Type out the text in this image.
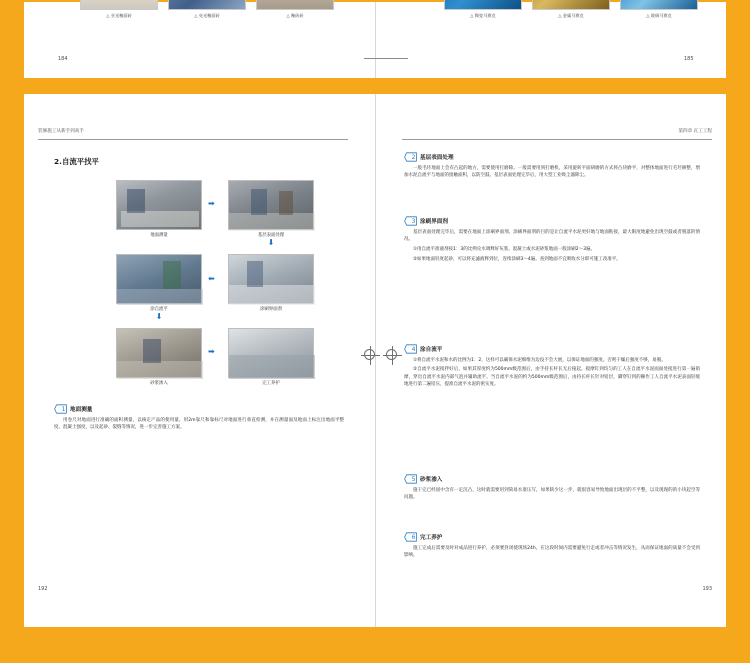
△ 亚光釉面砖	△ 亮光釉面砖	△ 釉砖砖
184
△ 陶瓷马赛克	△ 金属马赛克	△ 玻璃马赛克
185
装修施工从新手到高手
2.自流平找平
地面测量
➡
基层表面处理
➡
涂自流平
➡
涂刷界面剂
➡
砂浆渗入
➡
完工养护
1 地面测量
用卷尺对地面进行准确的面积测量，以核定产品的使用量。用2m靠尺和靠标尺对地面进行垂直检测，并在测量面及地面上标注出地面平整度、混凝土强度，以及起砂、裂缝等情况，进一步完善施工方案。
192
第四章 瓦工工程
2 基层表面处理
一般毛坯地面上会有凸起的地方，需要使用打磨除。一般需要用到打磨机，采用旋转平面研磨的方式将凸块磨平，对整体地面进行毛坯修整，增加水泥自流平与地面的接触面积，以防空鼓。基层表面处理完毕后，用大型工业吸尘器除尘。
3 涂刷界面剂
基层表面处理完毕后，需要在地面上涂刷界面剂。涂刷界面剂的目的是让自流平水泥更好地与地面粘接，最大限度地避免出现空鼓或者脱落的情况。
①用自流平准液剂按1：3的比例兑水调释好灰浆。混凝土或水泥砂浆地面一般涂刷2～3遍。
②如果地面轻度起砂，可以将充滤液释到位，连续涂刷3～4遍。查到地面不宜吸收水分即可施工改准平。
4 涂自流平
①将自流平水泥和水的比例为1：2，这样可以确保水泥细维为边没不会大展，以保证地面的强度。否则干燥后强度不够，易脱。
②自流平水泥搅拌好后，如果其厚度约为500mm级范围后，由手持长杆长无后拖起。搅摩钉到均匀的工人在自流平水泥面面处搅进行第一遍销摩，穿出自流平水泥内部气泡并辅助流平。当自流平水泥的约为500mm级范围后，由持长杆长针对铅层，脚穿钉到的操作工人自流平水泥表面轻缓地进行第二遍铅压，提准自流平水泥的密实度。
5 砂浆渗入
施干完已经固中含有一定沉凸，这时就需要用到简易水准压写，如果缺少这一步，就很容易导致地面出现层的不平整，以及现现的的小块起空等问题。
6 完工养护
施工完成后需要及时对成品进行养护，必须要封闭使现场24h，在这段时间内需要避免行走或者冲击等情况发生，从而保证地面的质量不会受到影响。
193
